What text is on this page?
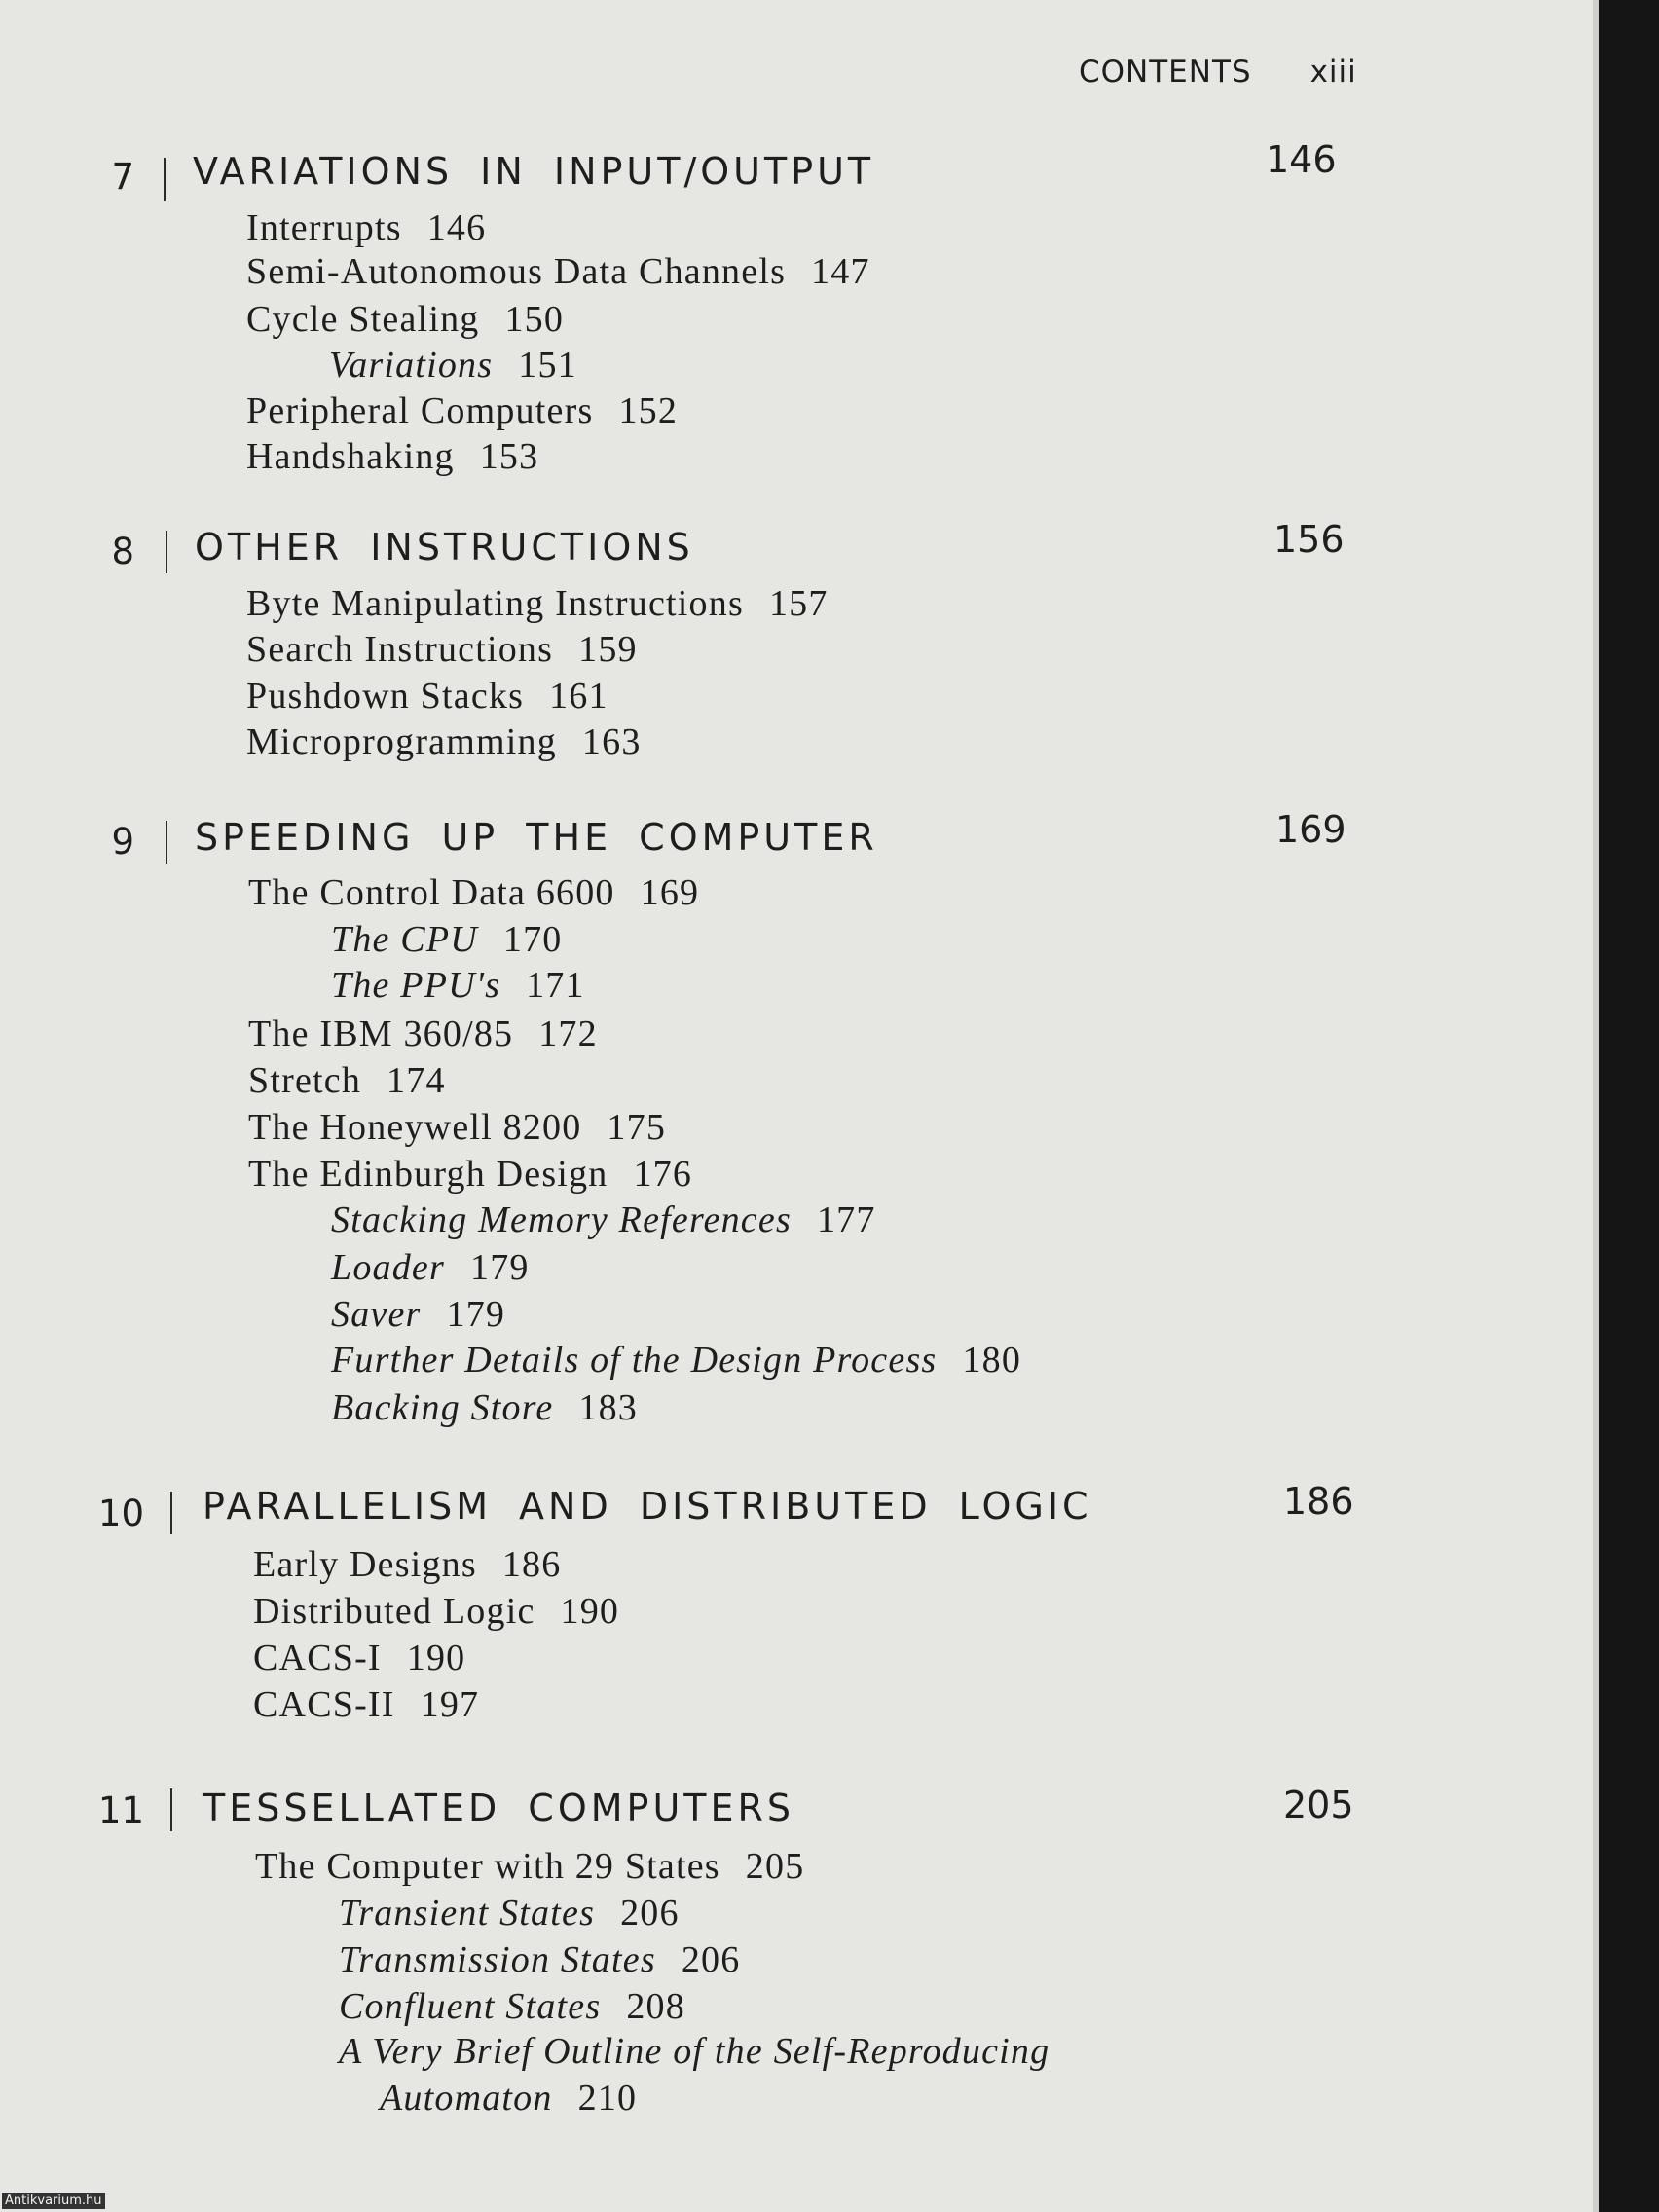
CONTENTS xiii
7 VARIATIONS IN INPUT/OUTPUT	146
Interrupts 146
Semi-Autonomous Data Channels 147
Cycle Stealing 150
Variations 151
Peripheral Computers 152
Handshaking 153
8 OTHER INSTRUCTIONS	156
Byte Manipulating Instructions 157
Search Instructions 159
Pushdown Stacks 161
Microprogramming 163
9 SPEEDING UP THE COMPUTER	169
The Control Data 6600 169
The CPU 170
The PPU's 171
The IBM 360/85 172
Stretch 174
The Honeywell 8200 175
The Edinburgh Design 176
Stacking Memory References 177
Loader 179
Saver 179
Further Details of the Design Process 180
Backing Store 183
10 PARALLELISM AND DISTRIBUTED LOGIC	186
Early Designs 186
Distributed Logic 190
CACS-I 190
CACS-II 197
11 TESSELLATED COMPUTERS	205
The Computer with 29 States 205
Transient States 206
Transmission States 206
Confluent States 208
A Very Brief Outline of the Self-Reproducing
Automaton 210
Antikvarium.hu
